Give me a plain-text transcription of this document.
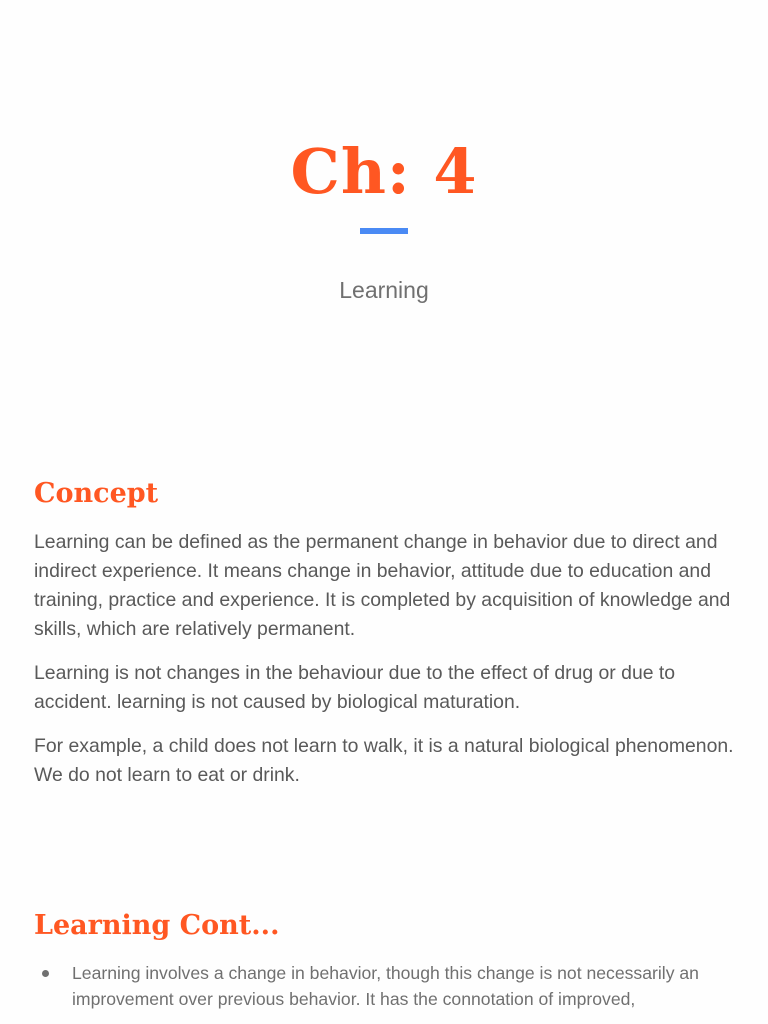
Ch: 4

Learning

Concept

Learning can be defined as the permanent change in behavior due to direct and indirect experience. It means change in behavior, attitude due to education and training, practice and experience. It is completed by acquisition of knowledge and skills, which are relatively permanent.

Learning is not changes in the behaviour due to the effect of drug or due to accident. learning is not caused by biological maturation.

For example, a child does not learn to walk, it is a natural biological phenomenon. We do not learn to eat or drink.

Learning Cont...
Learning involves a change in behavior, though this change is not necessarily an improvement over previous behavior. It has the connotation of improved,
